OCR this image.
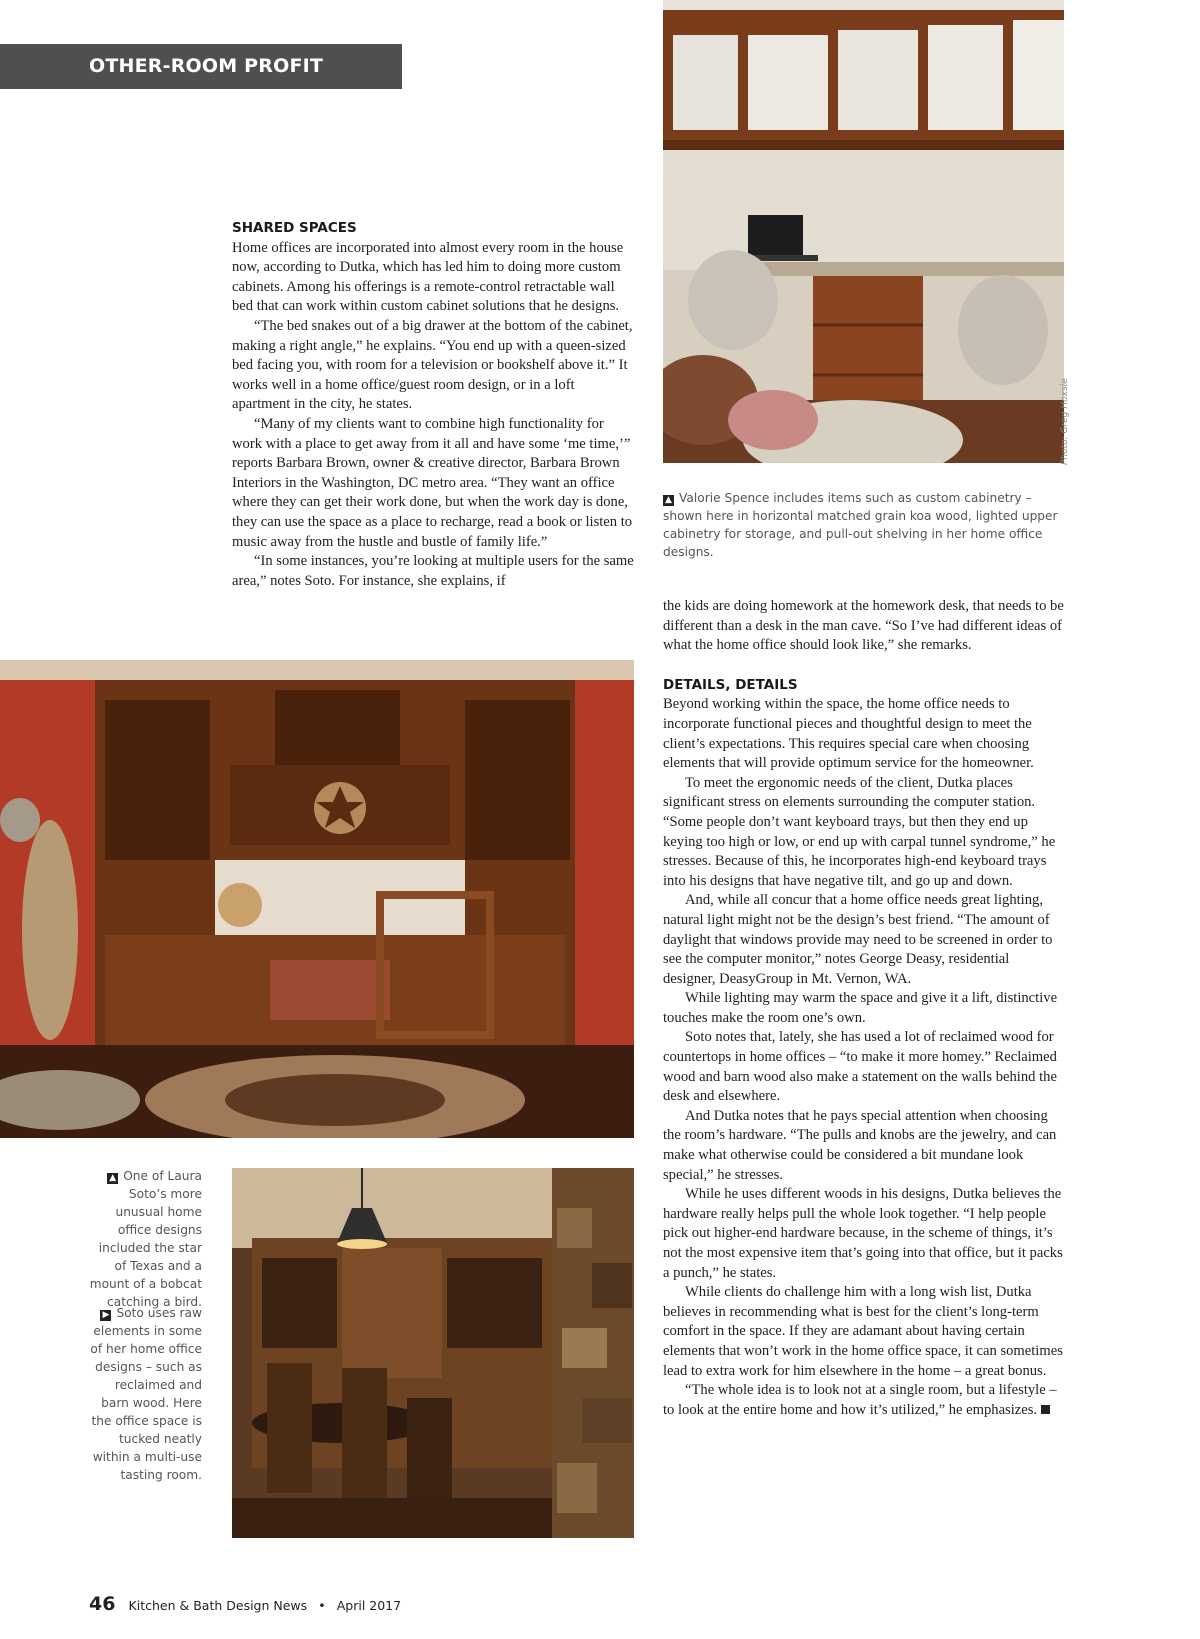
OTHER-ROOM PROFIT CENTERS
Photo: Greg Hoxsie
▲ Valorie Spence includes items such as custom cabinetry – shown here in horizontal matched grain koa wood, lighted upper cabinetry for storage, and pull-out shelving in her home office designs.
SHARED SPACES

Home offices are incorporated into almost every room in the house now, according to Dutka, which has led him to doing more custom cabinets. Among his offerings is a remote-control retractable wall bed that can work within custom cabinet solutions that he designs.

“The bed snakes out of a big drawer at the bottom of the cabinet, making a right angle,” he explains. “You end up with a queen-sized bed facing you, with room for a television or bookshelf above it.” It works well in a home office/guest room design, or in a loft apartment in the city, he states.

“Many of my clients want to combine high functionality for work with a place to get away from it all and have some ‘me time,’” reports Barbara Brown, owner & creative director, Barbara Brown Interiors in the Washington, DC metro area. “They want an office where they can get their work done, but when the work day is done, they can use the space as a place to recharge, read a book or listen to music away from the hustle and bustle of family life.”

“In some instances, you’re looking at multiple users for the same area,” notes Soto. For instance, she explains, if

the kids are doing homework at the homework desk, that needs to be different than a desk in the man cave. “So I’ve had different ideas of what the home office should look like,” she remarks.

DETAILS, DETAILS

Beyond working within the space, the home office needs to incorporate functional pieces and thoughtful design to meet the client’s expectations. This requires special care when choosing elements that will provide optimum service for the homeowner.

To meet the ergonomic needs of the client, Dutka places significant stress on elements surrounding the computer station. “Some people don’t want keyboard trays, but then they end up keying too high or low, or end up with carpal tunnel syndrome,” he stresses. Because of this, he incorporates high-end keyboard trays into his designs that have negative tilt, and go up and down.

And, while all concur that a home office needs great lighting, natural light might not be the design’s best friend. “The amount of daylight that windows provide may need to be screened in order to see the computer monitor,” notes George Deasy, residential designer, DeasyGroup in Mt. Vernon, WA.

While lighting may warm the space and give it a lift, distinctive touches make the room one’s own.

Soto notes that, lately, she has used a lot of reclaimed wood for countertops in home offices – “to make it more homey.” Reclaimed wood and barn wood also make a statement on the walls behind the desk and elsewhere.

And Dutka notes that he pays special attention when choosing the room’s hardware. “The pulls and knobs are the jewelry, and can make what otherwise could be considered a bit mundane look special,” he stresses.

While he uses different woods in his designs, Dutka believes the hardware really helps pull the whole look together. “I help people pick out higher-end hardware because, in the scheme of things, it’s not the most expensive item that’s going into that office, but it packs a punch,” he states.

While clients do challenge him with a long wish list, Dutka believes in recommending what is best for the client’s long-term comfort in the space. If they are adamant about having certain elements that won’t work in the home office space, it can sometimes lead to extra work for him elsewhere in the home – a great bonus.

“The whole idea is to look not at a single room, but a lifestyle – to look at the entire home and how it’s utilized,” he emphasizes.

▲ One of Laura Soto’s more unusual home office designs included the star of Texas and a mount of a bobcat catching a bird.
▶ Soto uses raw elements in some of her home office designs – such as reclaimed and barn wood. Here the office space is tucked neatly within a multi-use tasting room.
46 Kitchen & Bath Design News • April 2017
